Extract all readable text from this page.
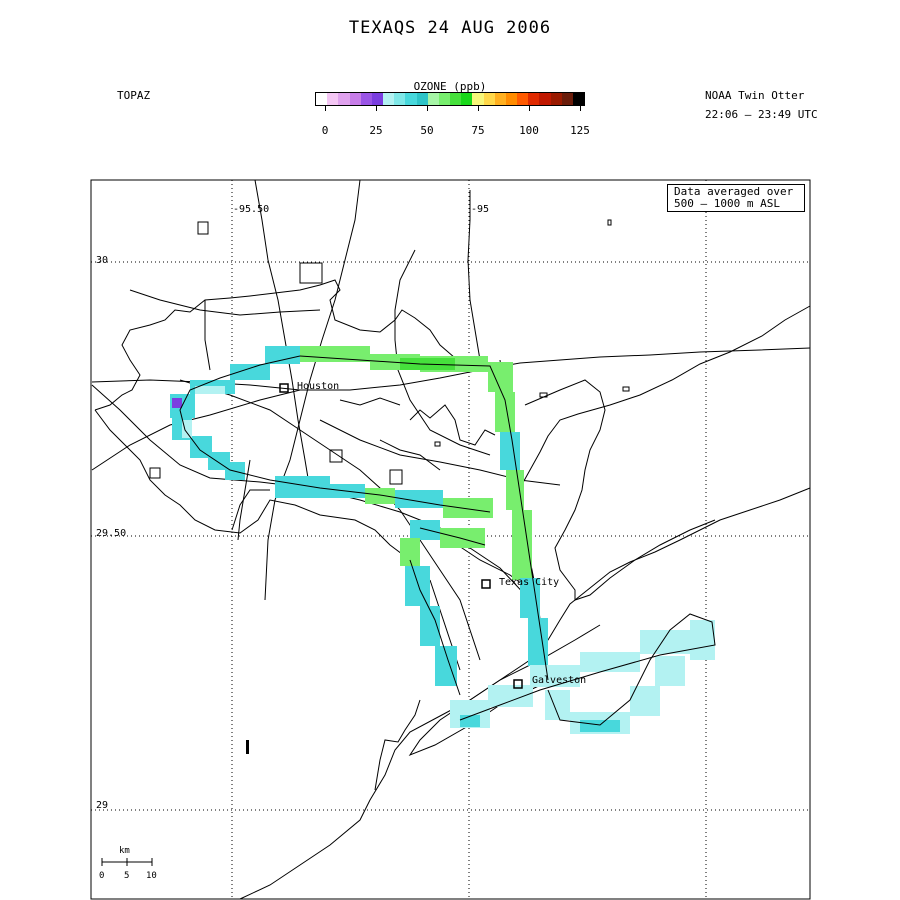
TEXAQS 24 AUG 2006
TOPAZ	NOAA Twin Otter
22:06 – 23:49 UTC
OZONE (ppb)
0	25	50	75	100	125
-95.50	-95
30
29.50
29
Houston
Texas City
Galveston
Data averaged over
500 – 1000 m ASL
km
0 5 10
